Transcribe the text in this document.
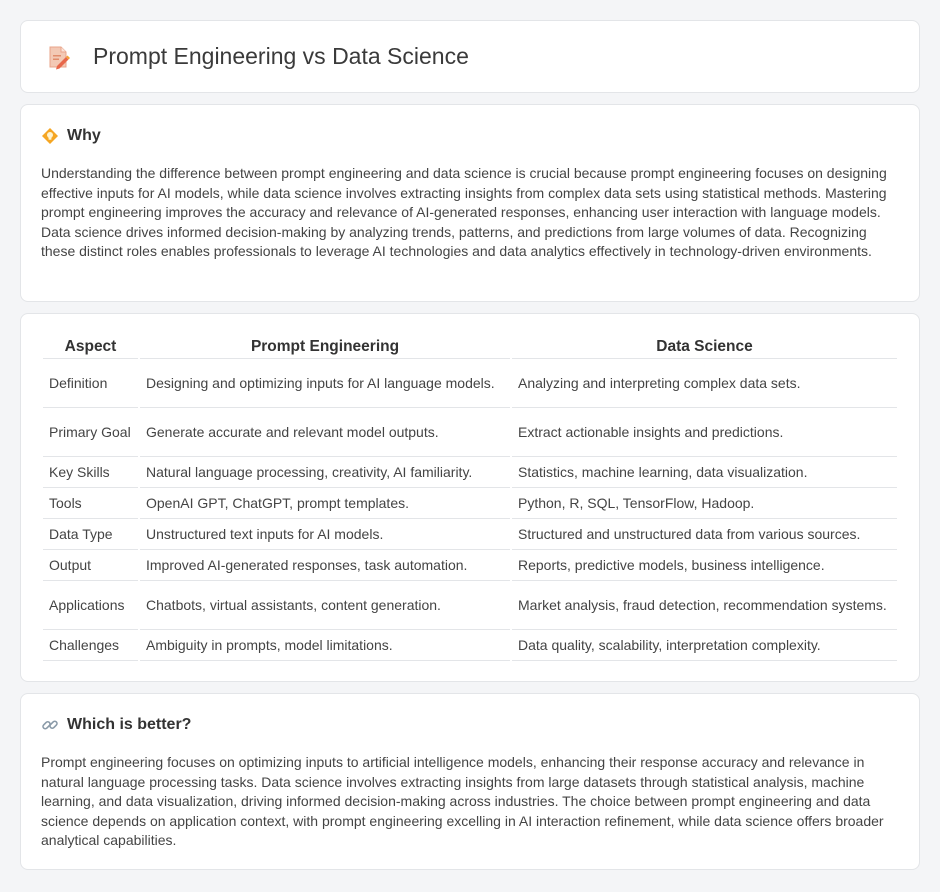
Prompt Engineering vs Data Science
Why

Understanding the difference between prompt engineering and data science is crucial because prompt engineering focuses on designing effective inputs for AI models, while data science involves extracting insights from complex data sets using statistical methods. Mastering prompt engineering improves the accuracy and relevance of AI-generated responses, enhancing user interaction with language models. Data science drives informed decision-making by analyzing trends, patterns, and predictions from large volumes of data. Recognizing these distinct roles enables professionals to leverage AI technologies and data analytics effectively in technology-driven environments.

Aspect	Prompt Engineering	Data Science
Definition	Designing and optimizing inputs for AI language models.	Analyzing and interpreting complex data sets.
Primary Goal	Generate accurate and relevant model outputs.	Extract actionable insights and predictions.
Key Skills	Natural language processing, creativity, AI familiarity.	Statistics, machine learning, data visualization.
Tools	OpenAI GPT, ChatGPT, prompt templates.	Python, R, SQL, TensorFlow, Hadoop.
Data Type	Unstructured text inputs for AI models.	Structured and unstructured data from various sources.
Output	Improved AI-generated responses, task automation.	Reports, predictive models, business intelligence.
Applications	Chatbots, virtual assistants, content generation.	Market analysis, fraud detection, recommendation systems.
Challenges	Ambiguity in prompts, model limitations.	Data quality, scalability, interpretation complexity.
Which is better?

Prompt engineering focuses on optimizing inputs to artificial intelligence models, enhancing their response accuracy and relevance in natural language processing tasks. Data science involves extracting insights from large datasets through statistical analysis, machine learning, and data visualization, driving informed decision-making across industries. The choice between prompt engineering and data science depends on application context, with prompt engineering excelling in AI interaction refinement, while data science offers broader analytical capabilities.
